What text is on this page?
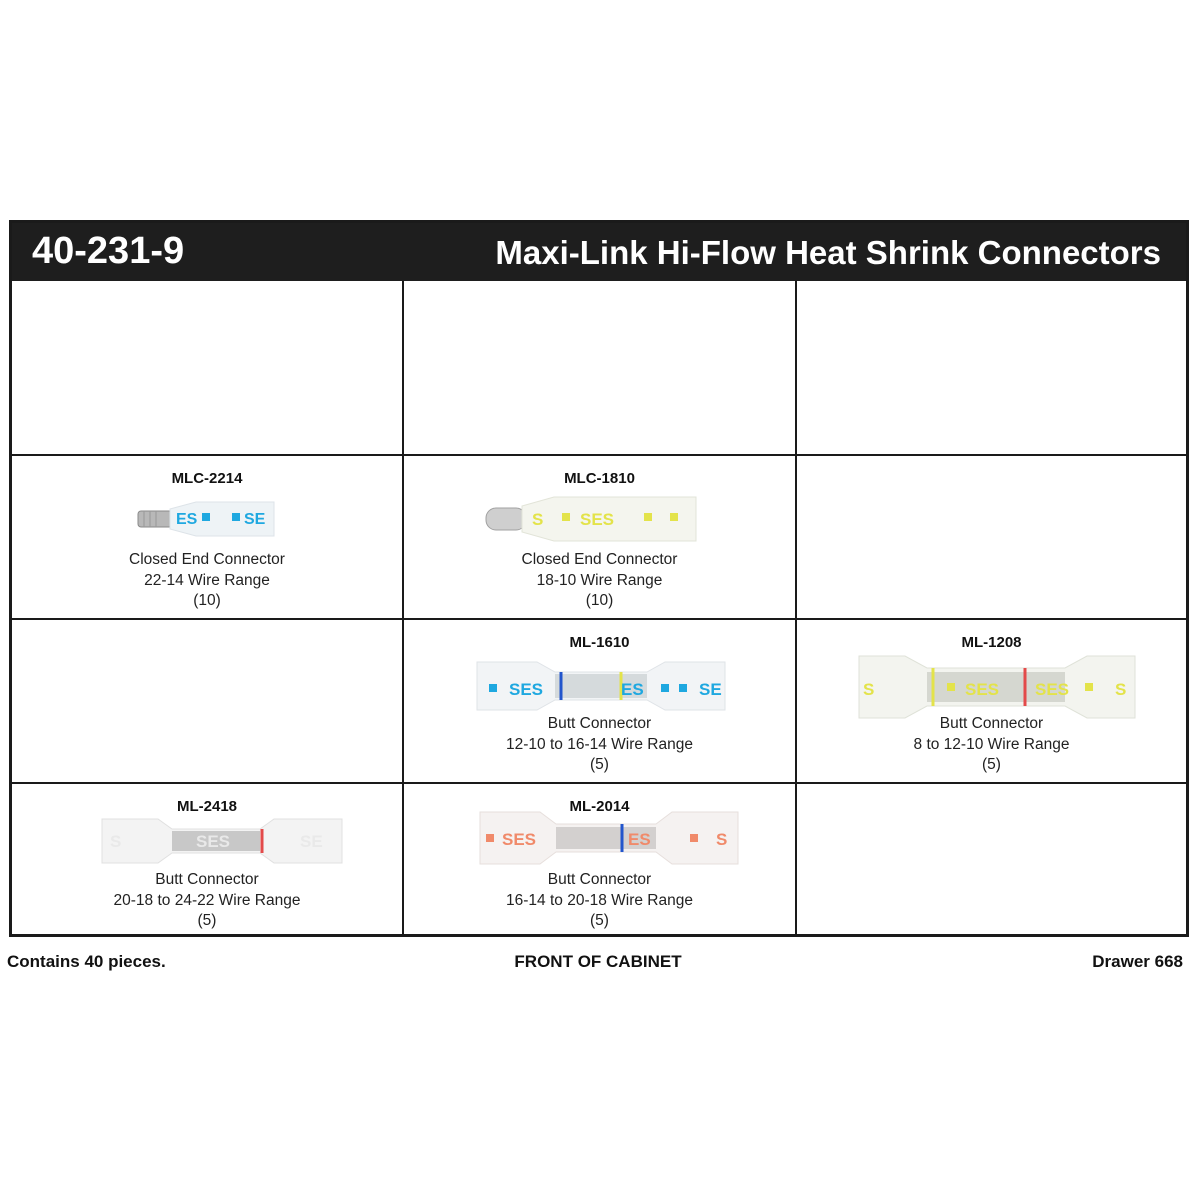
40-231-9	Maxi-Link Hi-Flow Heat Shrink Connectors
MLC-2214
ES	SE
Closed End Connector
22-14 Wire Range
(10)
MLC-1810
S SES
Closed End Connector
18-10 Wire Range
(10)
ML-1610
SES	ES	SE
Butt Connector
12-10 to 16-14 Wire Range
(5)
ML-1208
S	SES SES	S
Butt Connector
8 to 12-10 Wire Range
(5)
ML-2418
SES
S	SE
Butt Connector
20-18 to 24-22 Wire Range
(5)
ML-2014
SES	ES	S
Butt Connector
16-14 to 20-18 Wire Range
(5)
Contains 40 pieces.	FRONT OF CABINET	Drawer 668
